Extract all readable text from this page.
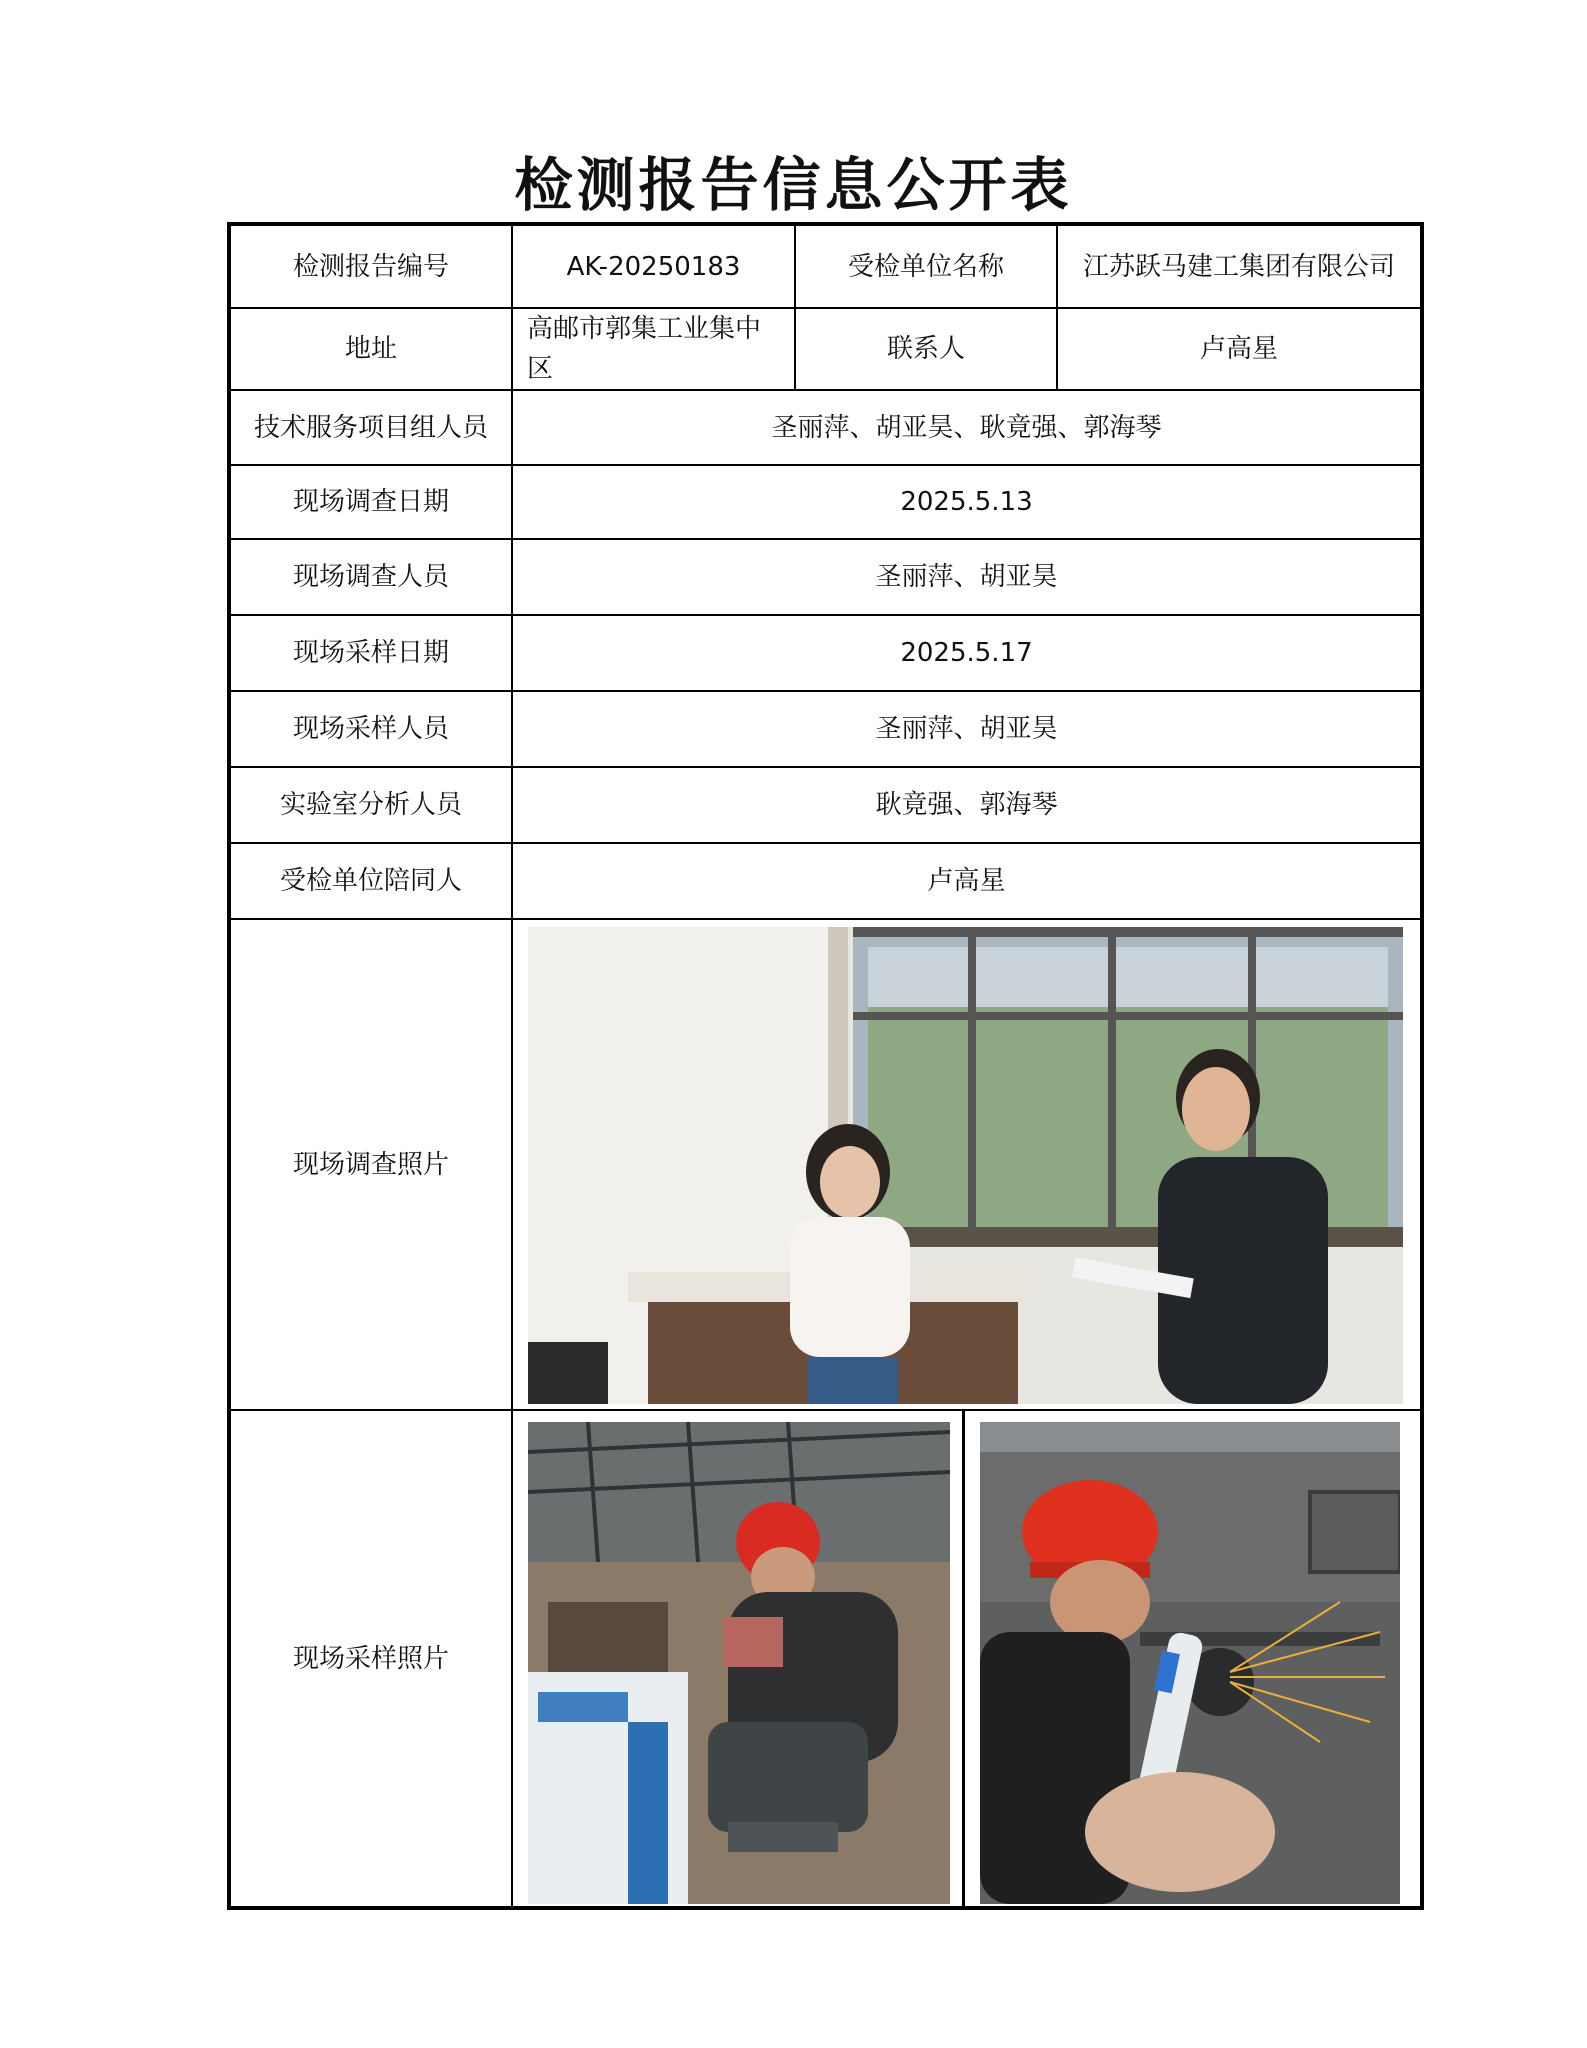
检测报告信息公开表
检测报告编号	AK-20250183	受检单位名称	江苏跃马建工集团有限公司
地址	高邮市郭集工业集中区	联系人	卢高星
技术服务项目组人员	圣丽萍、胡亚昊、耿竟强、郭海琴		
现场调查日期	2025.5.13		
现场调查人员	圣丽萍、胡亚昊		
现场采样日期	2025.5.17		
现场采样人员	圣丽萍、胡亚昊		
实验室分析人员	耿竟强、郭海琴		
受检单位陪同人	卢高星		
现场调查照片	

现场采样照片	
